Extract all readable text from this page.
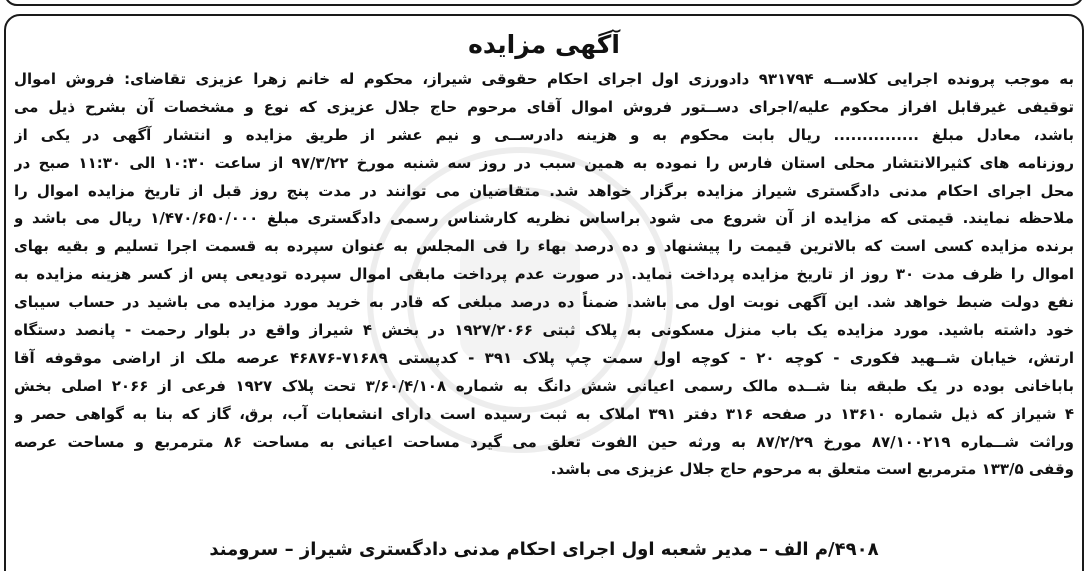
آگهی مزایده
به موجب پرونده اجرایی کلاســه ۹۳۱۷۹۴ دادورزی اول اجرای احکام حقوقی شیراز، محکوم له خانم زهرا عزیزی تقاضای: فروش اموال
توقیفی غیرقابل افراز محکوم علیه/اجرای دســتور فروش اموال آقای مرحوم حاج جلال عزیزی که نوع و مشخصات آن بشرح ذیل می
باشد، معادل مبلغ ............... ریال بابت محکوم به و هزینه دادرســی و نیم عشر از طریق مزایده و انتشار آگهی در یکی از
روزنامه های کثیرالانتشار محلی استان فارس را نموده به همین سبب در روز سه شنبه مورخ ۹۷/۳/۲۲ از ساعت ۱۰:۳۰ الی ۱۱:۳۰ صبح در
محل اجرای احکام مدنی دادگستری شیراز مزایده برگزار خواهد شد. متقاضیان می توانند در مدت پنج روز قبل از تاریخ مزایده اموال را
ملاحظه نمایند. قیمتی که مزایده از آن شروع می شود براساس نظریه کارشناس رسمی دادگستری مبلغ ۱/۴۷۰/۶۵۰/۰۰۰ ریال می باشد و
برنده مزایده کسی است که بالاترین قیمت را پیشنهاد و ده درصد بهاء را فی المجلس به عنوان سپرده به قسمت اجرا تسلیم و بقیه بهای
اموال را ظرف مدت ۳۰ روز از تاریخ مزایده پرداخت نماید. در صورت عدم پرداخت مابقی اموال سپرده تودیعی پس از کسر هزینه مزایده به
نفع دولت ضبط خواهد شد. این آگهی نوبت اول می باشد. ضمناً ده درصد مبلغی که قادر به خرید مورد مزایده می باشید در حساب سیبای
خود داشته باشید. مورد مزایده یک باب منزل مسکونی به پلاک ثبتی ۱۹۲۷/۲۰۶۶ در بخش ۴ شیراز واقع در بلوار رحمت - پانصد دستگاه
ارتش، خیابان شــهید فکوری - کوچه ۲۰ - کوچه اول سمت چپ پلاک ۳۹۱ - کدپستی ۷۱۶۸۹-۴۶۸۷۶ عرصه ملک از اراضی موقوفه آقا
باباخانی بوده در یک طبقه بنا شــده مالک رسمی اعیانی شش دانگ به شماره ۳/۶۰/۴/۱۰۸ تحت پلاک ۱۹۲۷ فرعی از ۲۰۶۶ اصلی بخش
۴ شیراز که ذیل شماره ۱۳۶۱۰ در صفحه ۳۱۶ دفتر ۳۹۱ املاک به ثبت رسیده است دارای انشعابات آب، برق، گاز که بنا به گواهی حصر و
وراثت شــماره ۸۷/۱۰۰۲۱۹ مورخ ۸۷/۲/۲۹ به ورثه حین الفوت تعلق می گیرد مساحت اعیانی به مساحت ۸۶ مترمربع و مساحت عرصه
وقفی ۱۳۳/۵ مترمربع است متعلق به مرحوم حاج جلال عزیزی می باشد.
۴۹۰۸/م الف – مدیر شعبه اول اجرای احکام مدنی دادگستری شیراز – سرومند
